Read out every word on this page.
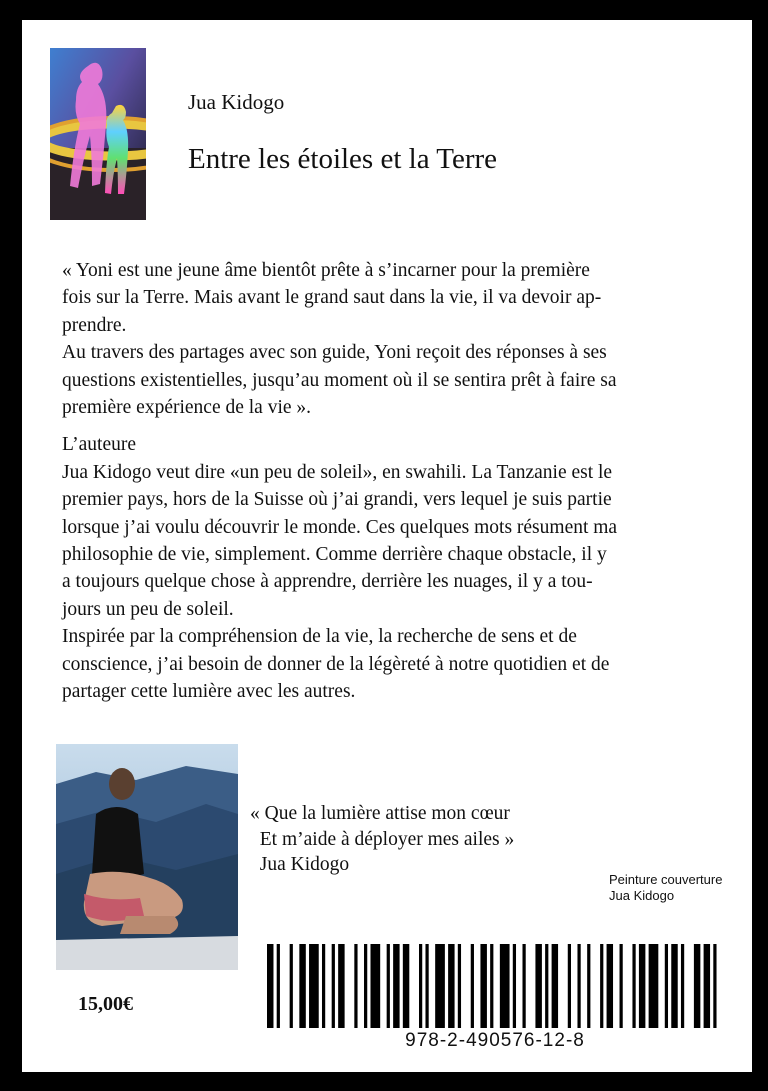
Jua Kidogo
Entre les étoiles et la Terre

« Yoni est une jeune âme bientôt prête à s’incarner pour la première

fois sur la Terre. Mais avant le grand saut dans la vie, il va devoir ap-

prendre.

Au travers des partages avec son guide, Yoni reçoit des réponses à ses

questions existentielles, jusqu’au moment où il se sentira prêt à faire sa

première expérience de la vie ».

L’auteure

Jua Kidogo veut dire «un peu de soleil», en swahili. La Tanzanie est le

premier pays, hors de la Suisse où j’ai grandi, vers lequel je suis partie

lorsque j’ai voulu découvrir le monde. Ces quelques mots résument ma

philosophie de vie, simplement. Comme derrière chaque obstacle, il y

a toujours quelque chose à apprendre, derrière les nuages, il y a tou-

jours un peu de soleil.

Inspirée par la compréhension de la vie, la recherche de sens et de

conscience, j’ai besoin de donner de la légèreté à notre quotidien et de

partager cette lumière avec les autres.

« Que la lumière attise mon cœur
Et m’aide à déployer mes ailes »
Jua Kidogo
Peinture couverture
Jua Kidogo
15,00€
978-2-490576-12-8
